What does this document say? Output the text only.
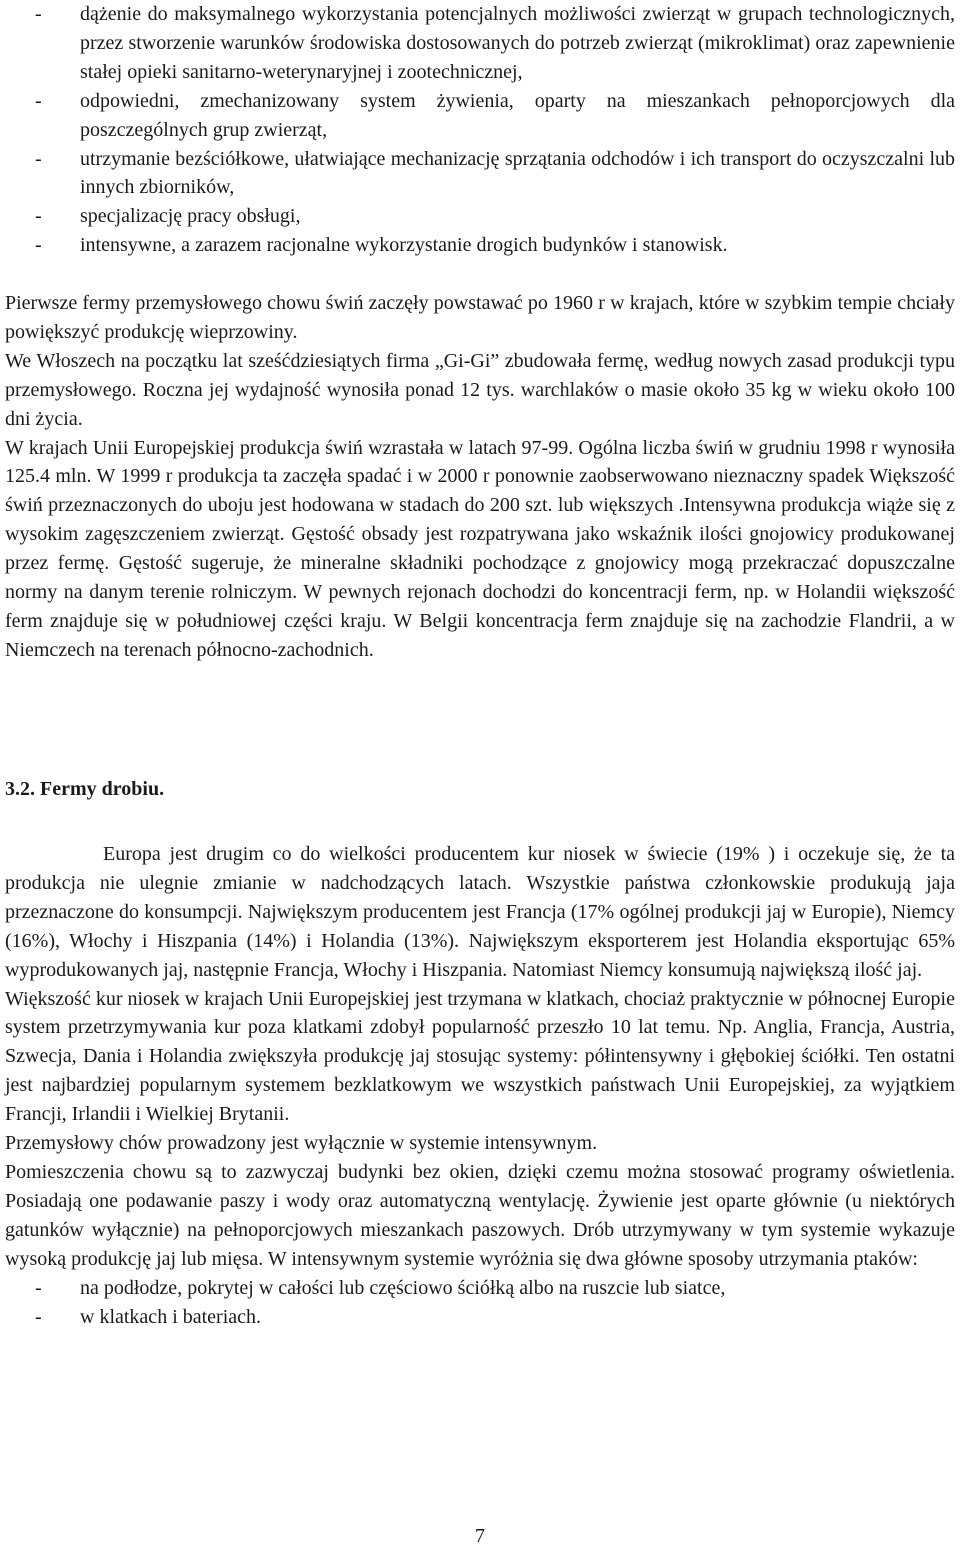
- dążenie do maksymalnego wykorzystania potencjalnych możliwości zwierząt w grupach technologicznych, przez stworzenie warunków środowiska dostosowanych do potrzeb zwierząt (mikroklimat) oraz zapewnienie stałej opieki sanitarno-weterynaryjnej i zootechnicznej,
- odpowiedni, zmechanizowany system żywienia, oparty na mieszankach pełnoporcjowych dla poszczególnych grup zwierząt,
- utrzymanie bezściółkowe, ułatwiające mechanizację sprzątania odchodów i ich transport do oczyszczalni lub innych zbiorników,
- specjalizację pracy obsługi,
- intensywne, a zarazem racjonalne wykorzystanie drogich budynków i stanowisk.

Pierwsze fermy przemysłowego chowu świń zaczęły powstawać po 1960 r w krajach, które w szybkim tempie chciały powiększyć produkcję wieprzowiny.

We Włoszech na początku lat sześćdziesiątych firma „Gi-Gi” zbudowała fermę, według nowych zasad produkcji typu przemysłowego. Roczna jej wydajność wynosiła ponad 12 tys. warchlaków o masie około 35 kg w wieku około 100 dni życia.

W krajach Unii Europejskiej produkcja świń wzrastała w latach 97-99. Ogólna liczba świń w grudniu 1998 r wynosiła 125.4 mln. W 1999 r produkcja ta zaczęła spadać i w 2000 r ponownie zaobserwowano nieznaczny spadek Większość świń przeznaczonych do uboju jest hodowana w stadach do 200 szt. lub większych .Intensywna produkcja wiąże się z wysokim zagęszczeniem zwierząt. Gęstość obsady jest rozpatrywana jako wskaźnik ilości gnojowicy produkowanej przez fermę. Gęstość sugeruje, że mineralne składniki pochodzące z gnojowicy mogą przekraczać dopuszczalne normy na danym terenie rolniczym. W pewnych rejonach dochodzi do koncentracji ferm, np. w Holandii większość ferm znajduje się w południowej części kraju. W Belgii koncentracja ferm znajduje się na zachodzie Flandrii, a w Niemczech na terenach północno-zachodnich.

3.2. Fermy drobiu.

Europa jest drugim co do wielkości producentem kur niosek w świecie (19% ) i oczekuje się, że ta produkcja nie ulegnie zmianie w nadchodzących latach. Wszystkie państwa członkowskie produkują jaja przeznaczone do konsumpcji. Największym producentem jest Francja (17% ogólnej produkcji jaj w Europie), Niemcy (16%), Włochy i Hiszpania (14%) i Holandia (13%). Największym eksporterem jest Holandia eksportując 65% wyprodukowanych jaj, następnie Francja, Włochy i Hiszpania. Natomiast Niemcy konsumują największą ilość jaj.

Większość kur niosek w krajach Unii Europejskiej jest trzymana w klatkach, chociaż praktycznie w północnej Europie system przetrzymywania kur poza klatkami zdobył popularność przeszło 10 lat temu. Np. Anglia, Francja, Austria, Szwecja, Dania i Holandia zwiększyła produkcję jaj stosując systemy: półintensywny i głębokiej ściółki. Ten ostatni jest najbardziej popularnym systemem bezklatkowym we wszystkich państwach Unii Europejskiej, za wyjątkiem Francji, Irlandii i Wielkiej Brytanii.

Przemysłowy chów prowadzony jest wyłącznie w systemie intensywnym.

Pomieszczenia chowu są to zazwyczaj budynki bez okien, dzięki czemu można stosować programy oświetlenia. Posiadają one podawanie paszy i wody oraz automatyczną wentylację. Żywienie jest oparte głównie (u niektórych gatunków wyłącznie) na pełnoporcjowych mieszankach paszowych. Drób utrzymywany w tym systemie wykazuje wysoką produkcję jaj lub mięsa. W intensywnym systemie wyróżnia się dwa główne sposoby utrzymania ptaków:

- na podłodze, pokrytej w całości lub częściowo ściółką albo na ruszcie lub siatce,
- w klatkach i bateriach.
7
